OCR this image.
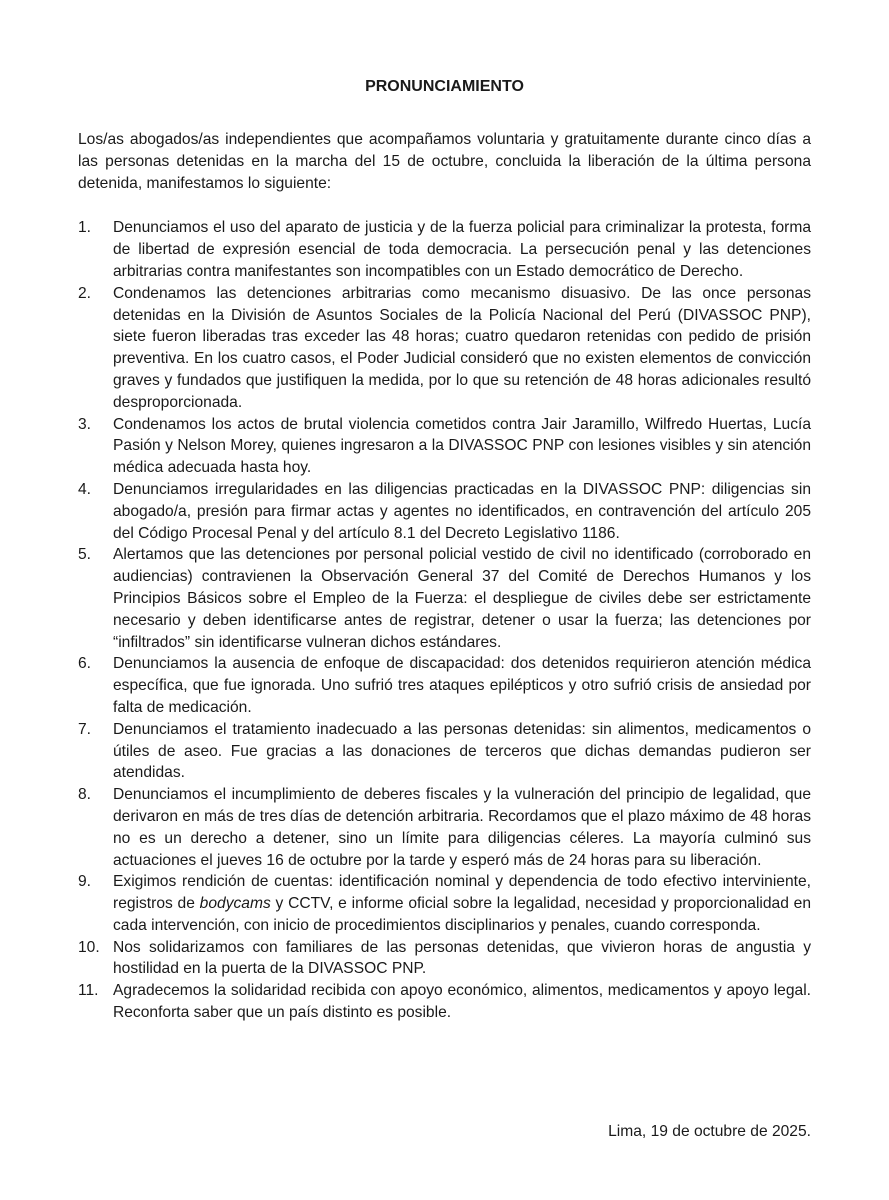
PRONUNCIAMIENTO

Los/as abogados/as independientes que acompañamos voluntaria y gratuitamente durante cinco días a las personas detenidas en la marcha del 15 de octubre, concluida la liberación de la última persona detenida, manifestamos lo siguiente:

1.	Denunciamos el uso del aparato de justicia y de la fuerza policial para criminalizar la protesta, forma de libertad de expresión esencial de toda democracia. La persecución penal y las detenciones arbitrarias contra manifestantes son incompatibles con un Estado democrático de Derecho.
2.	Condenamos las detenciones arbitrarias como mecanismo disuasivo. De las once personas detenidas en la División de Asuntos Sociales de la Policía Nacional del Perú (DIVASSOC PNP), siete fueron liberadas tras exceder las 48 horas; cuatro quedaron retenidas con pedido de prisión preventiva. En los cuatro casos, el Poder Judicial consideró que no existen elementos de convicción graves y fundados que justifiquen la medida, por lo que su retención de 48 horas adicionales resultó desproporcionada.
3.	Condenamos los actos de brutal violencia cometidos contra Jair Jaramillo, Wilfredo Huertas, Lucía Pasión y Nelson Morey, quienes ingresaron a la DIVASSOC PNP con lesiones visibles y sin atención médica adecuada hasta hoy.
4.	Denunciamos irregularidades en las diligencias practicadas en la DIVASSOC PNP: diligencias sin abogado/a, presión para firmar actas y agentes no identificados, en contravención del artículo 205 del Código Procesal Penal y del artículo 8.1 del Decreto Legislativo 1186.
5.	Alertamos que las detenciones por personal policial vestido de civil no identificado (corroborado en audiencias) contravienen la Observación General 37 del Comité de Derechos Humanos y los Principios Básicos sobre el Empleo de la Fuerza: el despliegue de civiles debe ser estrictamente necesario y deben identificarse antes de registrar, detener o usar la fuerza; las detenciones por “infiltrados” sin identificarse vulneran dichos estándares.
6.	Denunciamos la ausencia de enfoque de discapacidad: dos detenidos requirieron atención médica específica, que fue ignorada. Uno sufrió tres ataques epilépticos y otro sufrió crisis de ansiedad por falta de medicación.
7.	Denunciamos el tratamiento inadecuado a las personas detenidas: sin alimentos, medicamentos o útiles de aseo. Fue gracias a las donaciones de terceros que dichas demandas pudieron ser atendidas.
8.	Denunciamos el incumplimiento de deberes fiscales y la vulneración del principio de legalidad, que derivaron en más de tres días de detención arbitraria. Recordamos que el plazo máximo de 48 horas no es un derecho a detener, sino un límite para diligencias céleres. La mayoría culminó sus actuaciones el jueves 16 de octubre por la tarde y esperó más de 24 horas para su liberación.
9.	Exigimos rendición de cuentas: identificación nominal y dependencia de todo efectivo interviniente, registros de bodycams y CCTV, e informe oficial sobre la legalidad, necesidad y proporcionalidad en cada intervención, con inicio de procedimientos disciplinarios y penales, cuando corresponda.
10. Nos solidarizamos con familiares de las personas detenidas, que vivieron horas de angustia y hostilidad en la puerta de la DIVASSOC PNP.
11. Agradecemos la solidaridad recibida con apoyo económico, alimentos, medicamentos y apoyo legal. Reconforta saber que un país distinto es posible.
Lima, 19 de octubre de 2025.
